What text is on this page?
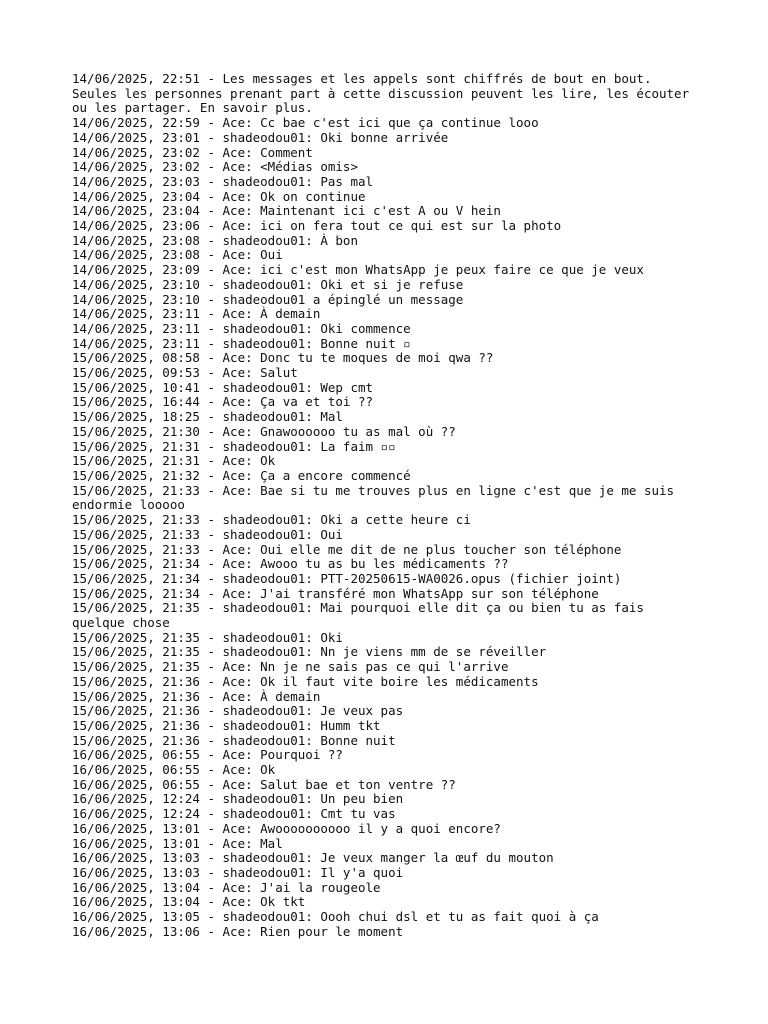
14/06/2025, 22:51 - Les messages et les appels sont chiffrés de bout en bout.
Seules les personnes prenant part à cette discussion peuvent les lire, les écouter
ou les partager. En savoir plus.
14/06/2025, 22:59 - Ace: Cc bae c'est ici que ça continue looo
14/06/2025, 23:01 - shadeodou01: Oki bonne arrivée
14/06/2025, 23:02 - Ace: Comment
14/06/2025, 23:02 - Ace: <Médias omis>
14/06/2025, 23:03 - shadeodou01: Pas mal
14/06/2025, 23:04 - Ace: Ok on continue
14/06/2025, 23:04 - Ace: Maintenant ici c'est A ou V hein
14/06/2025, 23:06 - Ace: ici on fera tout ce qui est sur la photo
14/06/2025, 23:08 - shadeodou01: À bon
14/06/2025, 23:08 - Ace: Oui
14/06/2025, 23:09 - Ace: ici c'est mon WhatsApp je peux faire ce que je veux
14/06/2025, 23:10 - shadeodou01: Oki et si je refuse
14/06/2025, 23:10 - shadeodou01 a épinglé un message
14/06/2025, 23:11 - Ace: À demain
14/06/2025, 23:11 - shadeodou01: Oki commence
14/06/2025, 23:11 - shadeodou01: Bonne nuit ▫
15/06/2025, 08:58 - Ace: Donc tu te moques de moi qwa ??
15/06/2025, 09:53 - Ace: Salut
15/06/2025, 10:41 - shadeodou01: Wep cmt
15/06/2025, 16:44 - Ace: Ça va et toi ??
15/06/2025, 18:25 - shadeodou01: Mal
15/06/2025, 21:30 - Ace: Gnawoooooo tu as mal où ??
15/06/2025, 21:31 - shadeodou01: La faim ▫▫
15/06/2025, 21:31 - Ace: Ok
15/06/2025, 21:32 - Ace: Ça a encore commencé
15/06/2025, 21:33 - Ace: Bae si tu me trouves plus en ligne c'est que je me suis
endormie looooo
15/06/2025, 21:33 - shadeodou01: Oki a cette heure ci
15/06/2025, 21:33 - shadeodou01: Oui
15/06/2025, 21:33 - Ace: Oui elle me dit de ne plus toucher son téléphone
15/06/2025, 21:34 - Ace: Awooo tu as bu les médicaments ??
15/06/2025, 21:34 - shadeodou01: PTT-20250615-WA0026.opus (fichier joint)
15/06/2025, 21:34 - Ace: J'ai transféré mon WhatsApp sur son téléphone
15/06/2025, 21:35 - shadeodou01: Mai pourquoi elle dit ça ou bien tu as fais
quelque chose
15/06/2025, 21:35 - shadeodou01: Oki
15/06/2025, 21:35 - shadeodou01: Nn je viens mm de se réveiller
15/06/2025, 21:35 - Ace: Nn je ne sais pas ce qui l'arrive
15/06/2025, 21:36 - Ace: Ok il faut vite boire les médicaments
15/06/2025, 21:36 - Ace: À demain
15/06/2025, 21:36 - shadeodou01: Je veux pas
15/06/2025, 21:36 - shadeodou01: Humm tkt
15/06/2025, 21:36 - shadeodou01: Bonne nuit
16/06/2025, 06:55 - Ace: Pourquoi ??
16/06/2025, 06:55 - Ace: Ok
16/06/2025, 06:55 - Ace: Salut bae et ton ventre ??
16/06/2025, 12:24 - shadeodou01: Un peu bien
16/06/2025, 12:24 - shadeodou01: Cmt tu vas
16/06/2025, 13:01 - Ace: Awoooooooooo il y a quoi encore?
16/06/2025, 13:01 - Ace: Mal
16/06/2025, 13:03 - shadeodou01: Je veux manger la œuf du mouton
16/06/2025, 13:03 - shadeodou01: Il y'a quoi
16/06/2025, 13:04 - Ace: J'ai la rougeole
16/06/2025, 13:04 - Ace: Ok tkt
16/06/2025, 13:05 - shadeodou01: Oooh chui dsl et tu as fait quoi à ça
16/06/2025, 13:06 - Ace: Rien pour le moment
